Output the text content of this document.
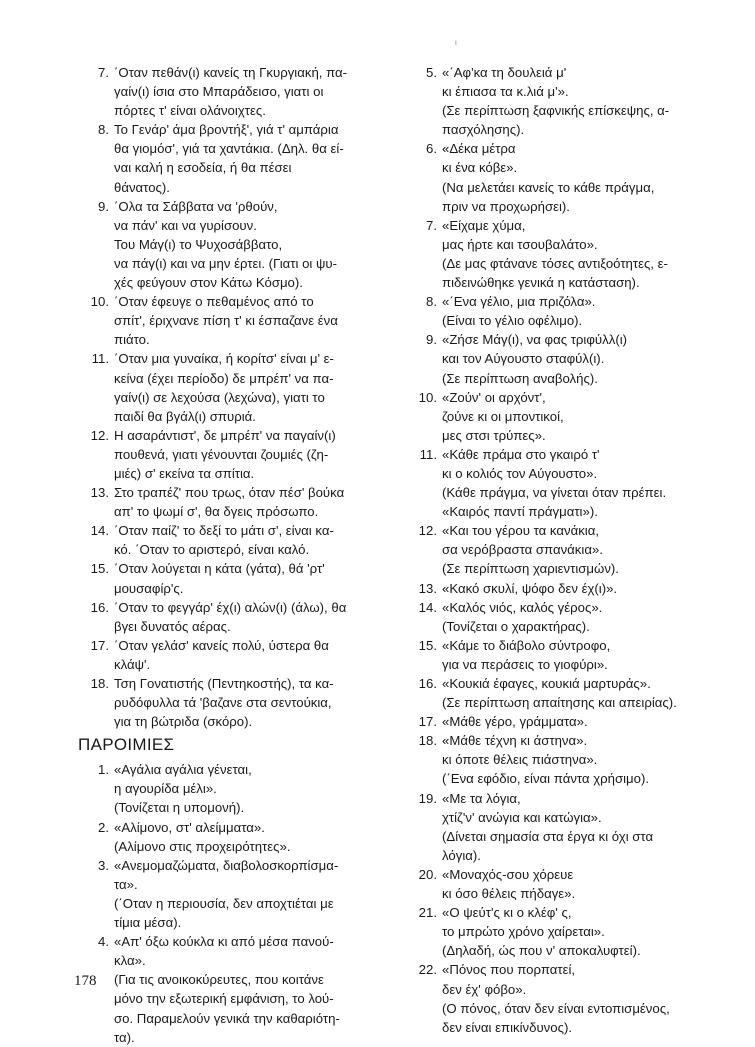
ι
7. ΄Οταν πεθάν(ι) κανείς τη Γκυργιακή, πα-
γαίν(ι) ίσια στο Μπαράδεισο, γιατι οι
πόρτες τ' είναι ολάνοιχτες.
8. Το Γενάρ' άμα βροντήξ', γιά τ' αμπάρια
θα γιομόσ', γιά τα χαντάκια. (Δηλ. θα εί-
ναι καλή η εσοδεία, ή θα πέσει
θάνατος).
9. ΄Ολα τα Σάββατα να 'ρθούν,
να πάν' και να γυρίσουν.
Του Μάγ(ι) το Ψυχοσάββατο,
να πάγ(ι) και να μην έρτει. (Γιατι οι ψυ-
χές φεύγουν στον Κάτω Κόσμο).
10. ΄Οταν έφευγε ο πεθαμένος από το
σπίτ', έριχνανε πίση τ' κι έσπαζανε ένα
πιάτο.
11. ΄Οταν μια γυναίκα, ή κορίτσ' είναι μ' ε-
κείνα (έχει περίοδο) δε μπρέπ' να πα-
γαίν(ι) σε λεχούσα (λεχώνα), γιατι το
παιδί θα βγάλ(ι) σπυριά.
12. Η ασαράντιστ', δε μπρέπ' να παγαίν(ι)
πουθενά, γιατι γένουνται ζουμιές (ζη-
μιές) σ' εκείνα τα σπίτια.
13. Στο τραπέζ' που τρως, όταν πέσ' βούκα
απ' το ψωμί σ', θα δγεις πρόσωπο.
14. ΄Οταν παίζ' το δεξί το μάτι σ', είναι κα-
κό. ΄Οταν το αριστερό, είναι καλό.
15. ΄Οταν λούγεται η κάτα (γάτα), θά 'ρτ'
μουσαφίρ'ς.
16. ΄Οταν το φεγγάρ' έχ(ι) αλών(ι) (άλω), θα
βγει δυνατός αέρας.
17. ΄Οταν γελάσ' κανείς πολύ, ύστερα θα
κλάψ'.
18. Τση Γονατιστής (Πεντηκοστής), τα κα-
ρυδόφυλλα τά 'βαζανε στα σεντούκια,
για τη βώτριδα (σκόρο).
ΠΑΡΟΙΜΙΕΣ
1. «Αγάλια αγάλια γένεται,
η αγουρίδα μέλι».
(Τονίζεται η υπομονή).
2. «Αλίμονο, στ' αλείμματα».
(Αλίμονο στις προχειρότητες».
3. «Ανεμομαζώματα, διαβολοσκορπίσμα-
τα».
(΄Οταν η περιουσία, δεν αποχτιέται με
τίμια μέσα).
4. «Απ' όξω κούκλα κι από μέσα πανού-
κλα».
(Για τις ανοικοκύρευτες, που κοιτάνε
μόνο την εξωτερική εμφάνιση, το λού-
σο. Παραμελούν γενικά την καθαριότη-
τα).
5. «΄Αφ'κα τη δουλειά μ'
κι έπιασα τα κ.λιά μ'».
(Σε περίπτωση ξαφνικής επίσκεψης, α-
πασχόλησης).
6. «Δέκα μέτρα
κι ένα κόβε».
(Να μελετάει κανείς το κάθε πράγμα,
πριν να προχωρήσει).
7. «Είχαμε χύμα,
μας ήρτε και τσουβαλάτο».
(Δε μας φτάνανε τόσες αντιξοότητες, ε-
πιδεινώθηκε γενικά η κατάσταση).
8. «΄Ενα γέλιο, μια πριζόλα».
(Είναι το γέλιο οφέλιμο).
9. «Ζήσε Μάγ(ι), να φας τριφύλλ(ι)
και τον Αύγουστο σταφύλ(ι).
(Σε περίπτωση αναβολής).
10. «Ζούν' οι αρχόντ',
ζούνε κι οι μποντικοί,
μες στσι τρύπες».
11. «Κάθε πράμα στο γκαιρό τ'
κι ο κολιός τον Αύγουστο».
(Κάθε πράγμα, να γίνεται όταν πρέπει.
«Καιρός παντί πράγματι»).
12. «Και του γέρου τα κανάκια,
σα νερόβραστα σπανάκια».
(Σε περίπτωση χαριεντισμών).
13. «Κακό σκυλί, ψόφο δεν έχ(ι)».
14. «Καλός νιός, καλός γέρος».
(Τονίζεται ο χαρακτήρας).
15. «Κάμε το διάβολο σύντροφο,
για να περάσεις το γιοφύρι».
16. «Κουκιά έφαγες, κουκιά μαρτυράς».
(Σε περίπτωση απαίτησης και απειρίας).
17. «Μάθε γέρο, γράμματα».
18. «Μάθε τέχνη κι άστηνα».
κι όποτε θέλεις πιάστηνα».
(΄Ενα εφόδιο, είναι πάντα χρήσιμο).
19. «Με τα λόγια,
χτίζ'ν' ανώγια και κατώγια».
(Δίνεται σημασία στα έργα κι όχι στα
λόγια).
20. «Μοναχός-σου χόρευε
κι όσο θέλεις πήδαγε».
21. «Ο ψεύτ'ς κι ο κλέφ' ς,
το μπρώτο χρόνο χαίρεται».
(Δηλαδή, ώς που ν' αποκαλυφτεί).
22. «Πόνος που πορπατεί,
δεν έχ' φόβο».
(Ο πόνος, όταν δεν είναι εντοπισμένος,
δεν είναι επικίνδυνος).
178
